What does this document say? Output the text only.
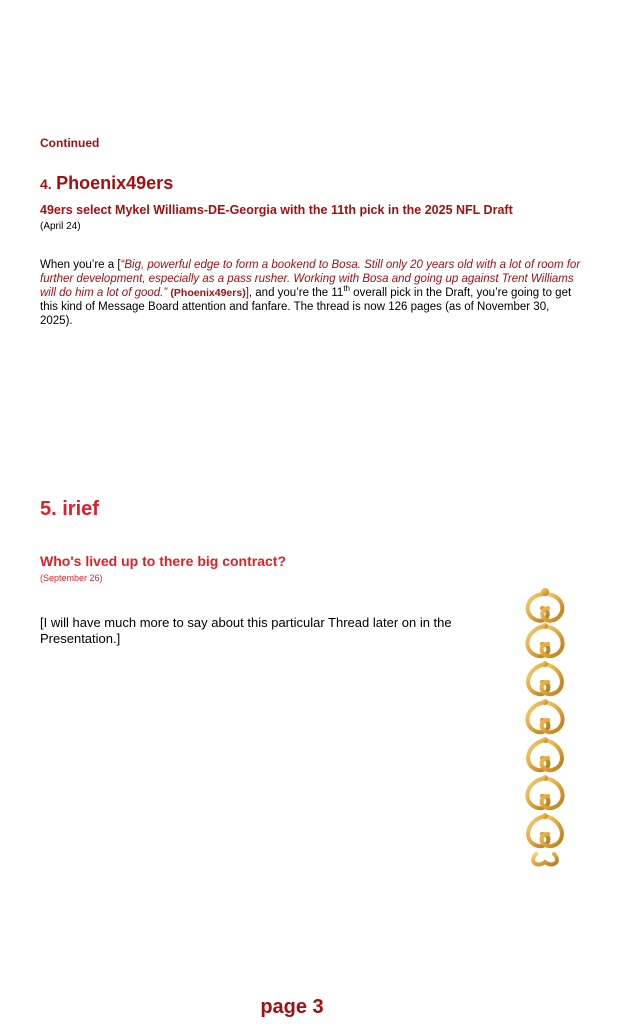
Continued
4. Phoenix49ers
49ers select Mykel Williams-DE-Georgia with the 11th pick in the 2025 NFL Draft
(April 24)
When you’re a [“Big, powerful edge to form a bookend to Bosa. Still only 20 years old with a lot of room for further development, especially as a pass rusher. Working with Bosa and going up against Trent Williams will do him a lot of good.” (Phoenix49ers)], and you’re the 11th overall pick in the Draft, you’re going to get this kind of Message Board attention and fanfare. The thread is now 126 pages (as of November 30, 2025).
5. irief
Who's lived up to there big contract?
(September 26)
[I will have much more to say about this particular Thread later on in the Presentation.]
page 3
